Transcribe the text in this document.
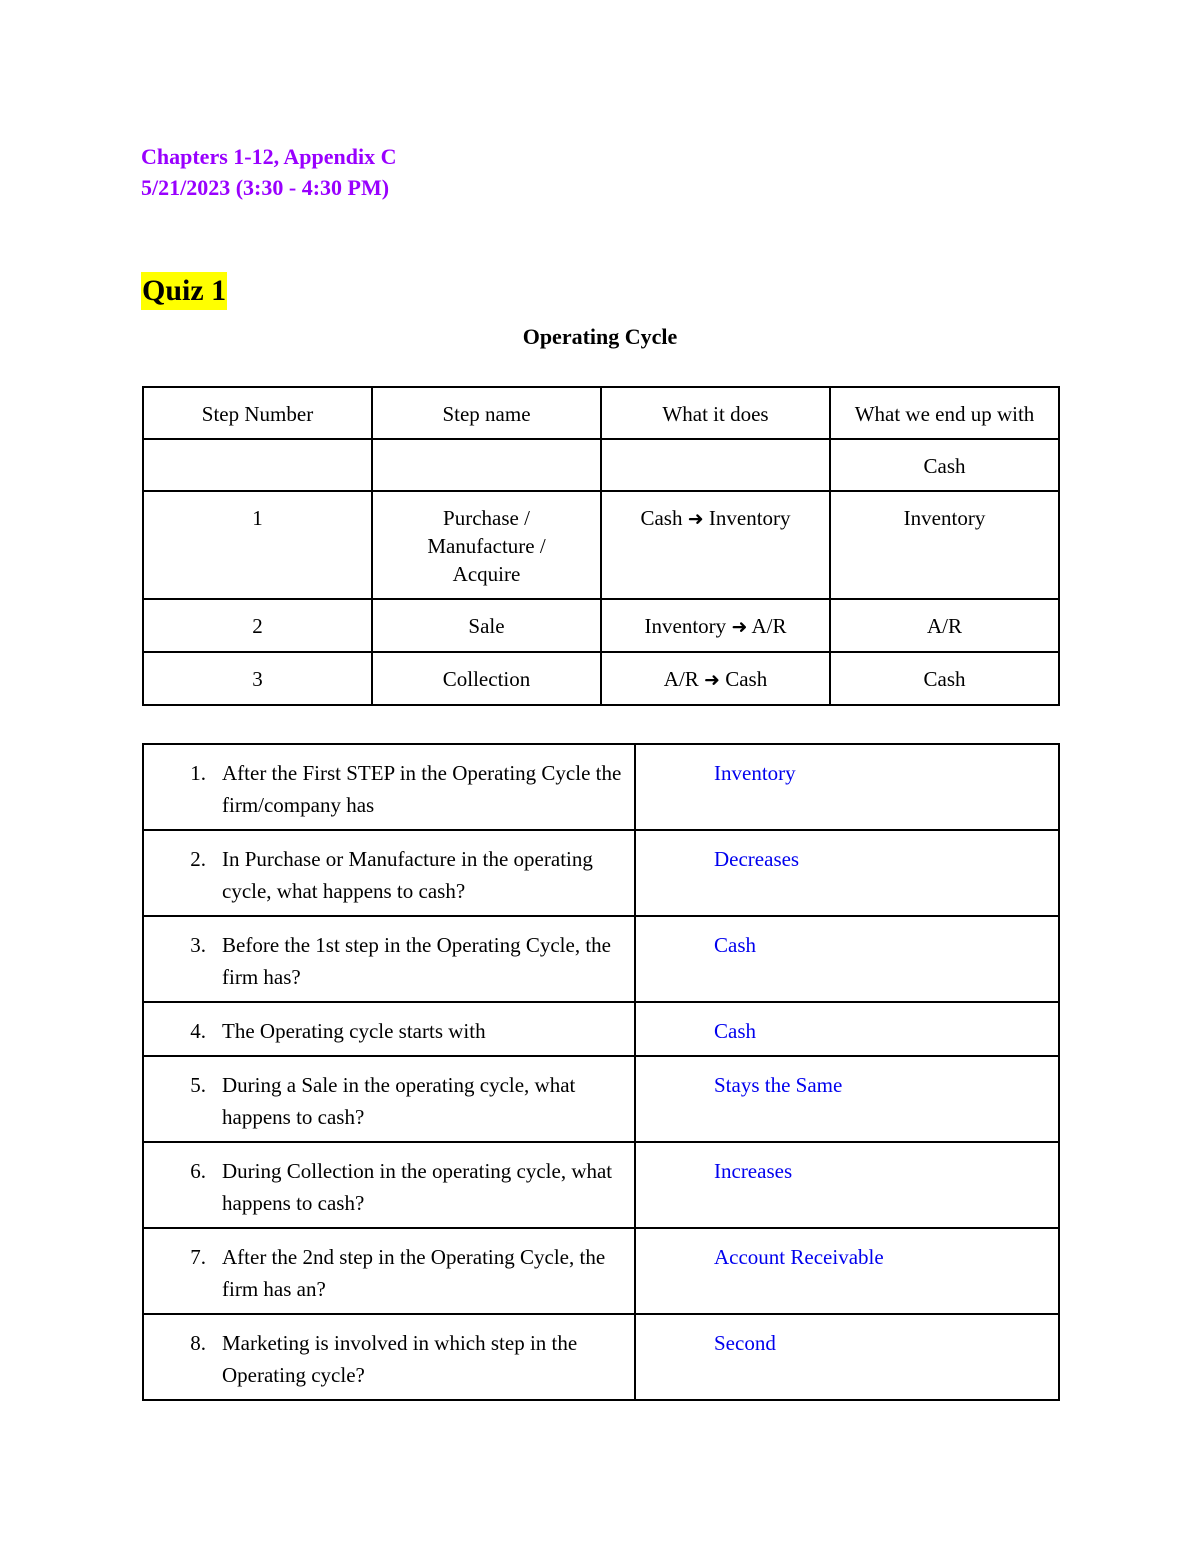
Chapters 1-12, Appendix C
5/21/2023 (3:30 - 4:30 PM)
Quiz 1
Operating Cycle
Step Number	Step name	What it does	What we end up with
			Cash
1	Purchase / Manufacture / Acquire	Cash ➜ Inventory	Inventory
2	Sale	Inventory ➜ A/R	A/R
3	Collection	A/R ➜ Cash	Cash
1. After the First STEP in the Operating Cycle the firm/company has	Inventory

2. In Purchase or Manufacture in the operating cycle, what happens to cash?	Decreases

3. Before the 1st step in the Operating Cycle, the firm has?	Cash

4. The Operating cycle starts with	Cash

5. During a Sale in the operating cycle, what happens to cash?	Stays the Same

6. During Collection in the operating cycle, what happens to cash?	Increases

7. After the 2nd step in the Operating Cycle, the firm has an?	Account Receivable

8. Marketing is involved in which step in the Operating cycle?	Second
